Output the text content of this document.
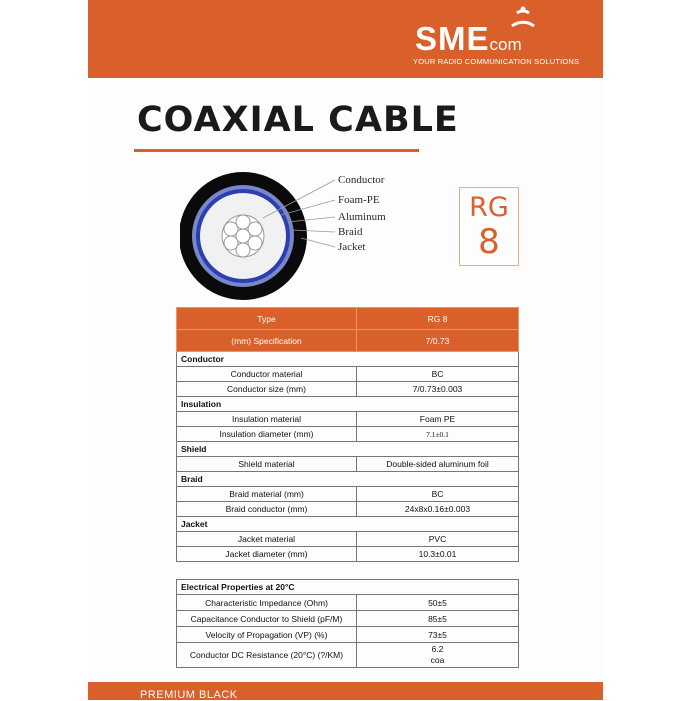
SMEcom
YOUR RADIO COMMUNICATION SOLUTIONS
COAXIAL CABLE
Conductor
Foam-PE
Aluminum
Braid
Jacket
RG
8
Type	RG 8
(mm) Specification	7/0.73
Conductor	
Conductor material	BC
Conductor size (mm)	7/0.73±0.003
Insulation	
Insulation material	Foam PE
Insulation diameter (mm)	7.1±0.1
Shield	
Shield material	Double-sided aluminum foil
Braid	
Braid material (mm)	BC
Braid conductor (mm)	24x8x0.16±0.003
Jacket	
Jacket material	PVC
Jacket diameter (mm)	10.3±0.01
Electrical Properties at 20°C	
Characteristic Impedance (Ohm)	50±5
Capacitance Conductor to Shield (pF/M)	85±5
Velocity of Propagation (VP) (%)	73±5
Conductor DC Resistance (20°C) (?/KM)	6.2
coa
PREMIUM BLACK
